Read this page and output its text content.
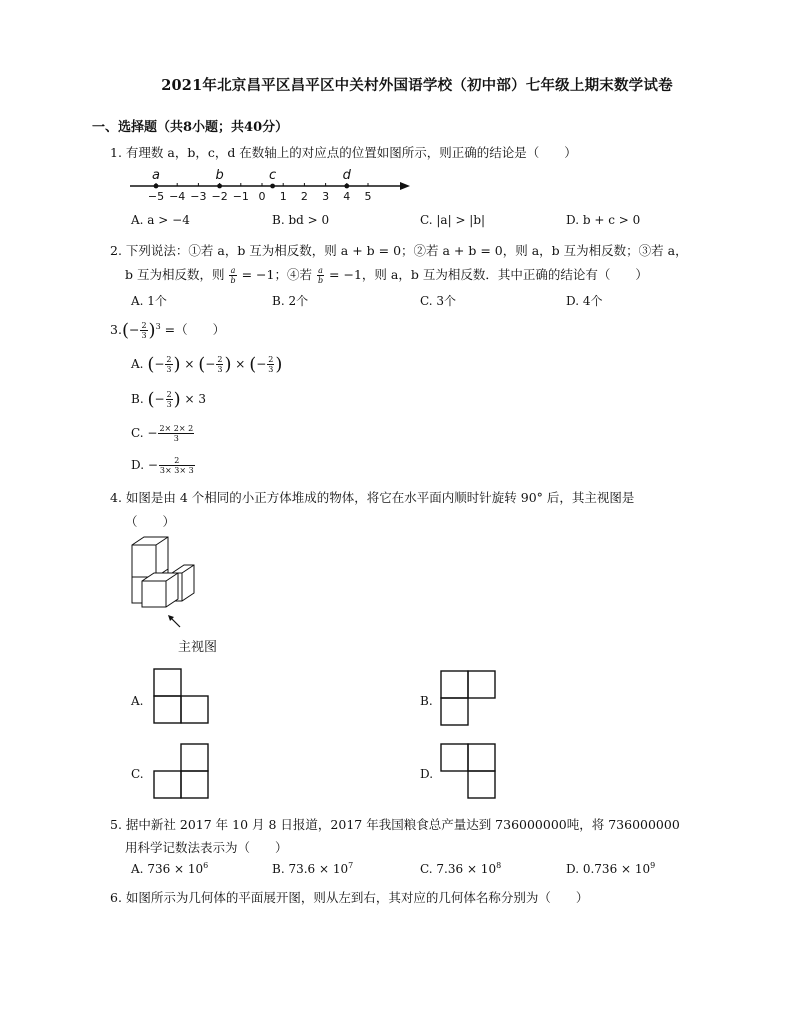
2021年北京昌平区昌平区中关村外国语学校（初中部）七年级上期末数学试卷
一、选择题（共8小题；共40分）
1. 有理数 a，b，c，d 在数轴上的对应点的位置如图所示，则正确的结论是（　　）
−5 −4 −3 −2 −1 0 1 2 3 4 5
a	b	c	d
A. a > −4	B. bd > 0	C. |a| > |b|	D. b + c > 0
2. 下列说法：①若 a，b 互为相反数，则 a + b = 0；②若 a + b = 0，则 a，b 互为相反数；③若 a，
b 互为相反数，则 $\frac{a}{b} = -1$；④若 $\frac{a}{b} = -1$，则 a，b 互为相反数．其中正确的结论有（　　）
A. 1个	B. 2个	C. 3个	D. 4个
$3.(- \frac{2}{3} )^3$ =（　　）
A. (− $\frac{2}{3}$ ) × (− $\frac{2}{3}$ ) × (− $\frac{2}{3}$ )
B. (− $\frac{2}{3}$ ) × 3
C. − $\frac{2\times 2\times 2}{3}$
D. − $\frac{2}{3\times 3\times 3}$
4. 如图是由 4 个相同的小正方体堆成的物体，将它在水平面内顺时针旋转 90° 后，其主视图是
（　　）
主视图
A.	B.
C.	D.
5. 据中新社 2017 年 10 月 8 日报道，2017 年我国粮食总产量达到 736000000吨，将 736000000
用科学记数法表示为（　　）
A. $736 \times 10^6$	B. $73.6 \times 10^7$	C. $7.36 \times 10^8$	D. $0.736 \times 10^9$
6. 如图所示为几何体的平面展开图，则从左到右，其对应的几何体名称分别为（　　）
